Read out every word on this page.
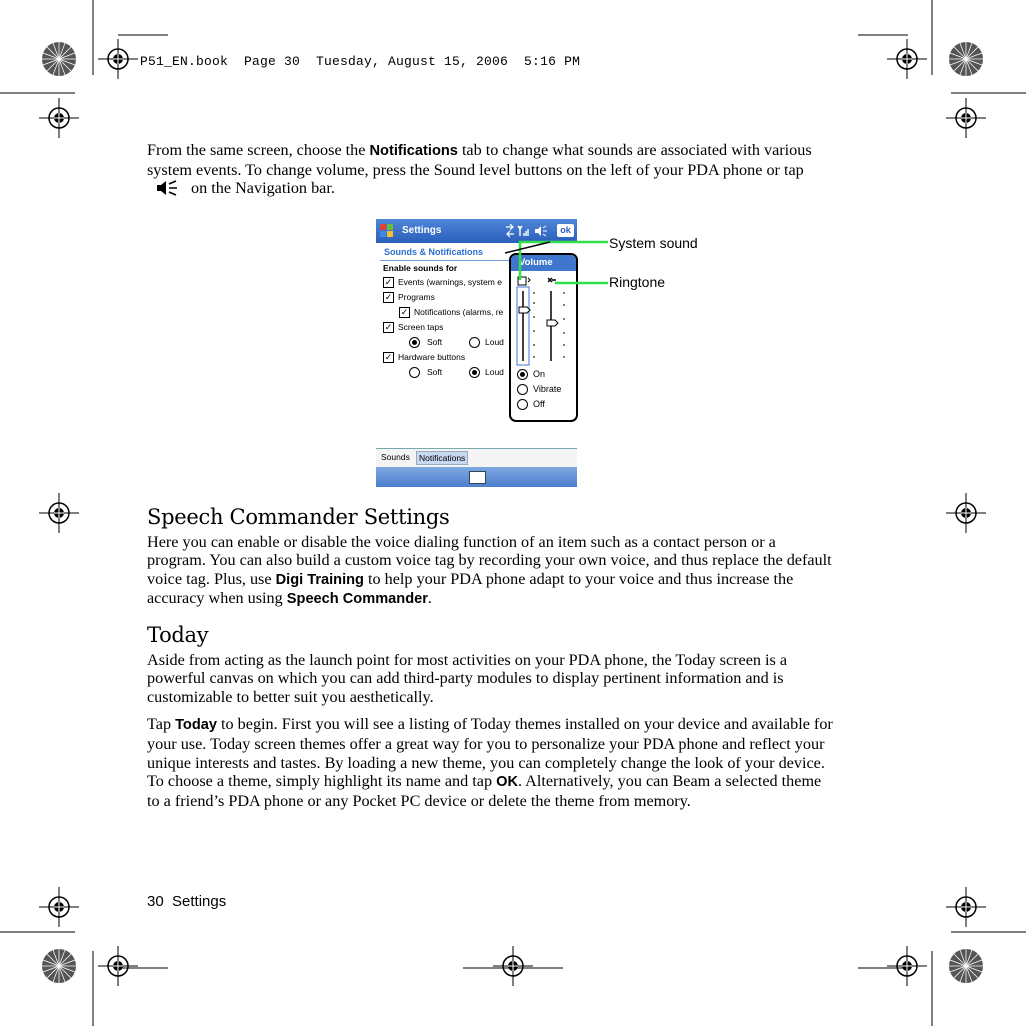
P51_EN.book  Page 30  Tuesday, August 15, 2006  5:16 PM

From the same screen, choose the Notifications tab to change what sounds are associated with various system events. To change volume, press the Sound level buttons on the left of your PDA phone or tap  on the Navigation bar.

Settings	ok
Sounds & Notifications
Enable sounds for
✓ Events (warnings, system e
✓ Programs
✓ Notifications (alarms, re
✓ Screen taps
Soft	Loud
✓ Hardware buttons
Soft	Loud
Sounds	Notifications
Volume
On
Vibrate
Off
System sound
Ringtone
Speech Commander Settings

Here you can enable or disable the voice dialing function of an item such as a contact person or a program. You can also build a custom voice tag by recording your own voice, and thus replace the default voice tag. Plus, use Digi Training to help your PDA phone adapt to your voice and thus increase the accuracy when using Speech Commander.

Today

Aside from acting as the launch point for most activities on your PDA phone, the Today screen is a powerful canvas on which you can add third-party modules to display pertinent information and is customizable to better suit you aesthetically.

Tap Today to begin. First you will see a listing of Today themes installed on your device and available for your use. Today screen themes offer a great way for you to personalize your PDA phone and reflect your unique interests and tastes. By loading a new theme, you can completely change the look of your device. To choose a theme, simply highlight its name and tap OK. Alternatively, you can Beam a selected theme to a friend’s PDA phone or any Pocket PC device or delete the theme from memory.

30  Settings
